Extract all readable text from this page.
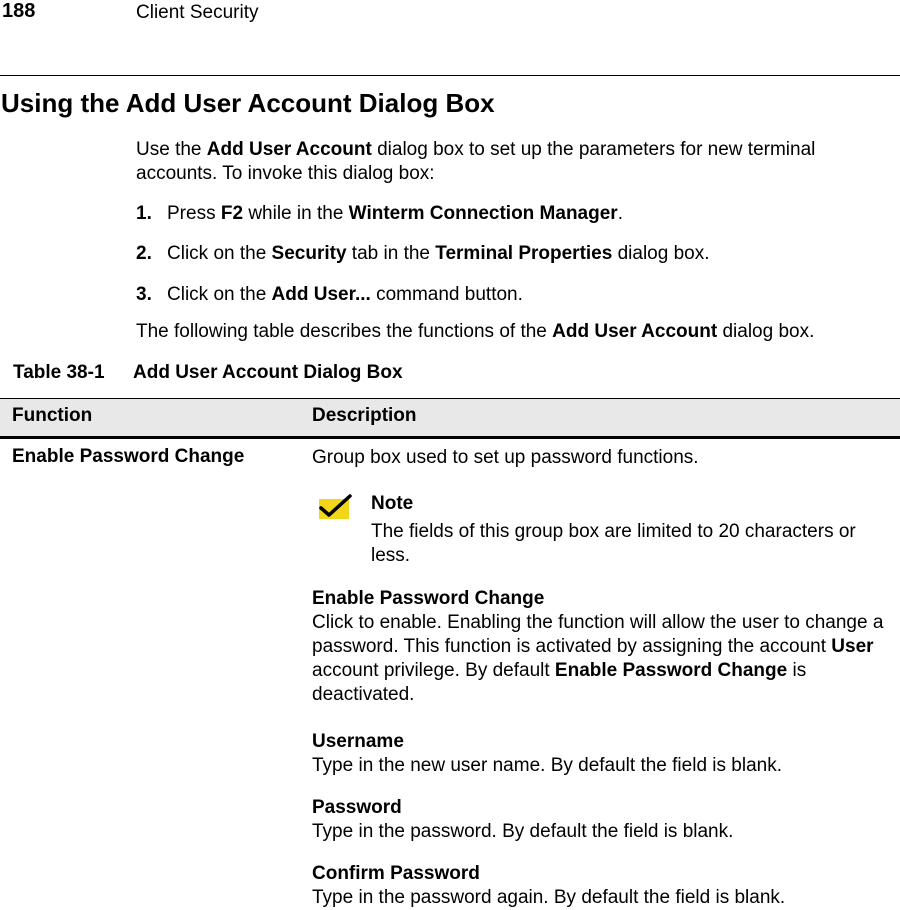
188	Client Security
Using the Add User Account Dialog Box
Use the Add User Account dialog box to set up the parameters for new terminal accounts. To invoke this dialog box:
1. Press F2 while in the Winterm Connection Manager.
2. Click on the Security tab in the Terminal Properties dialog box.
3. Click on the Add User... command button.
The following table describes the functions of the Add User Account dialog box.
Table 38-1 Add User Account Dialog Box
Function	Description
Enable Password Change	Group box used to set up password functions.
Note
The fields of this group box are limited to 20 characters or less.
Enable Password Change
Click to enable. Enabling the function will allow the user to change a password. This function is activated by assigning the account User account privilege. By default Enable Password Change is deactivated.
Username
Type in the new user name. By default the field is blank.
Password
Type in the password. By default the field is blank.
Confirm Password
Type in the password again. By default the field is blank.
